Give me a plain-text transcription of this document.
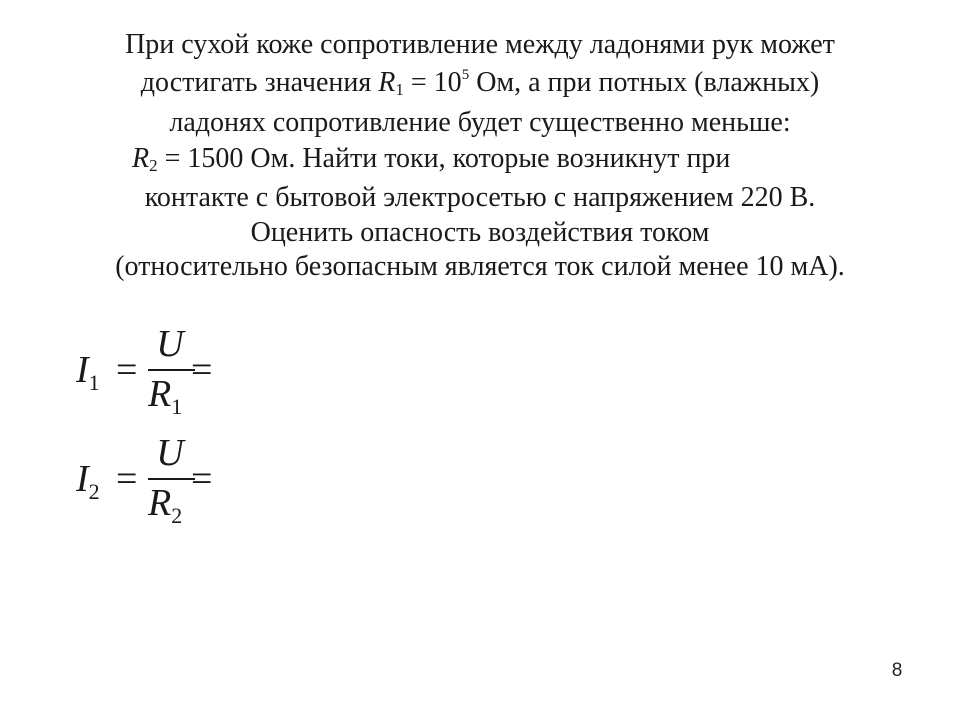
При сухой коже сопротивление между ладонями рук может
достигать значения $R_1 = 10^5$ Ом, а при потных (влажных)
ладонях сопротивление будет существенно меньше:
$R_2 = 1500$ Ом. Найти токи, которые возникнут при
контакте с бытовой электросетью с напряжением 220 В.
Оценить опасность воздействия током
(относительно безопасным является ток силой менее 10 мА).
$I_1$ =
U
$R_1$
=
$I_2$ =
U
$R_2$
=
8
